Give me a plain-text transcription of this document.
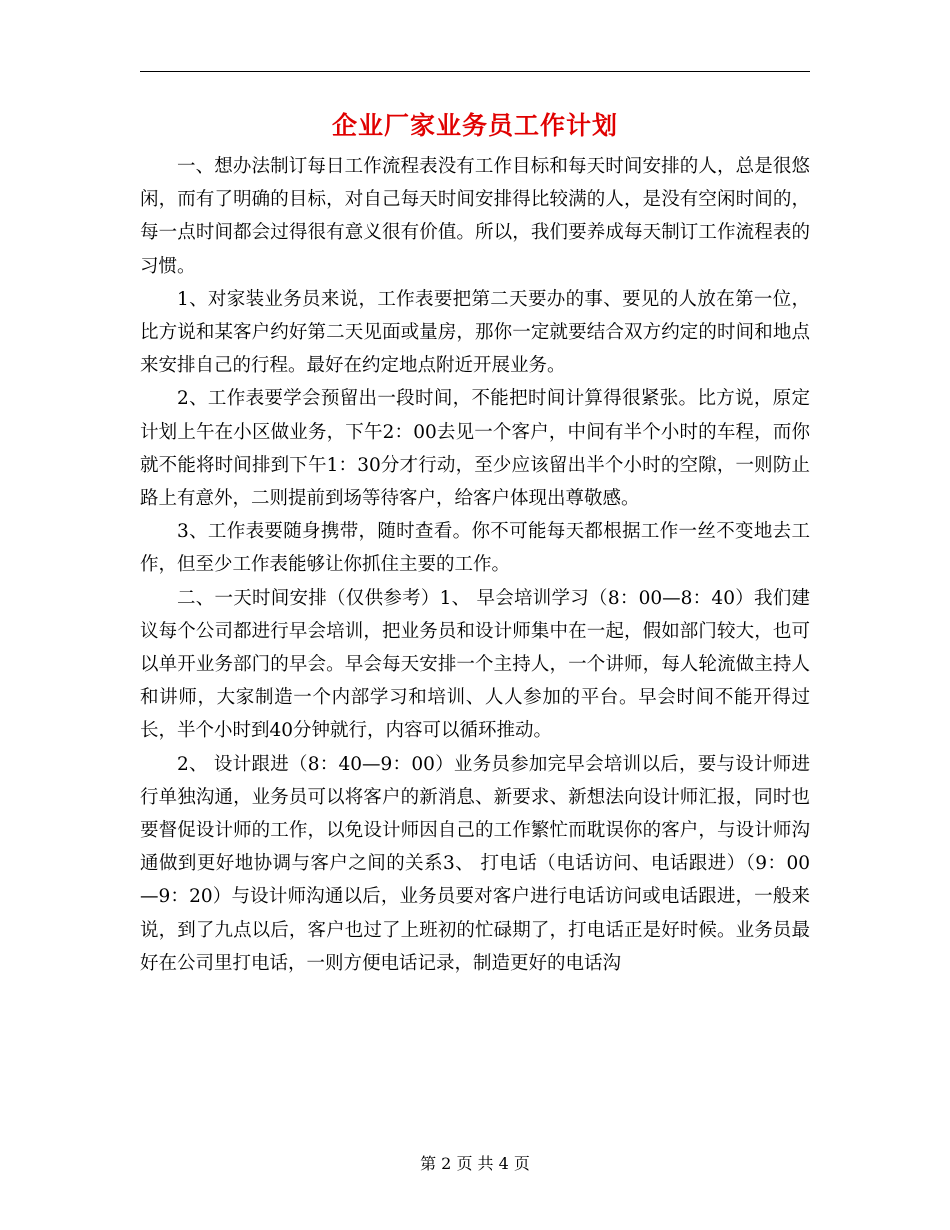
企业厂家业务员工作计划

一、想办法制订每日工作流程表没有工作目标和每天时间安排的人，总是很悠闲，而有了明确的目标，对自己每天时间安排得比较满的人，是没有空闲时间的，每一点时间都会过得很有意义很有价值。所以，我们要养成每天制订工作流程表的习惯。

1、对家装业务员来说，工作表要把第二天要办的事、要见的人放在第一位，比方说和某客户约好第二天见面或量房，那你一定就要结合双方约定的时间和地点来安排自己的行程。最好在约定地点附近开展业务。

2、工作表要学会预留出一段时间，不能把时间计算得很紧张。比方说，原定计划上午在小区做业务，下午2：00去见一个客户，中间有半个小时的车程，而你就不能将时间排到下午1：30分才行动，至少应该留出半个小时的空隙，一则防止路上有意外，二则提前到场等待客户，给客户体现出尊敬感。

3、工作表要随身携带，随时查看。你不可能每天都根据工作一丝不变地去工作，但至少工作表能够让你抓住主要的工作。

二、一天时间安排（仅供参考）1、 早会培训学习（8：00—8：40）我们建议每个公司都进行早会培训，把业务员和设计师集中在一起，假如部门较大，也可以单开业务部门的早会。早会每天安排一个主持人，一个讲师，每人轮流做主持人和讲师，大家制造一个内部学习和培训、人人参加的平台。早会时间不能开得过长，半个小时到40分钟就行，内容可以循环推动。

2、 设计跟进（8：40—9：00）业务员参加完早会培训以后，要与设计师进行单独沟通，业务员可以将客户的新消息、新要求、新想法向设计师汇报，同时也要督促设计师的工作，以免设计师因自己的工作繁忙而耽误你的客户，与设计师沟通做到更好地协调与客户之间的关系3、 打电话（电话访问、电话跟进）（9：00—9：20）与设计师沟通以后，业务员要对客户进行电话访问或电话跟进，一般来说，到了九点以后，客户也过了上班初的忙碌期了，打电话正是好时候。业务员最好在公司里打电话，一则方便电话记录，制造更好的电话沟

第 2 页 共 4 页
